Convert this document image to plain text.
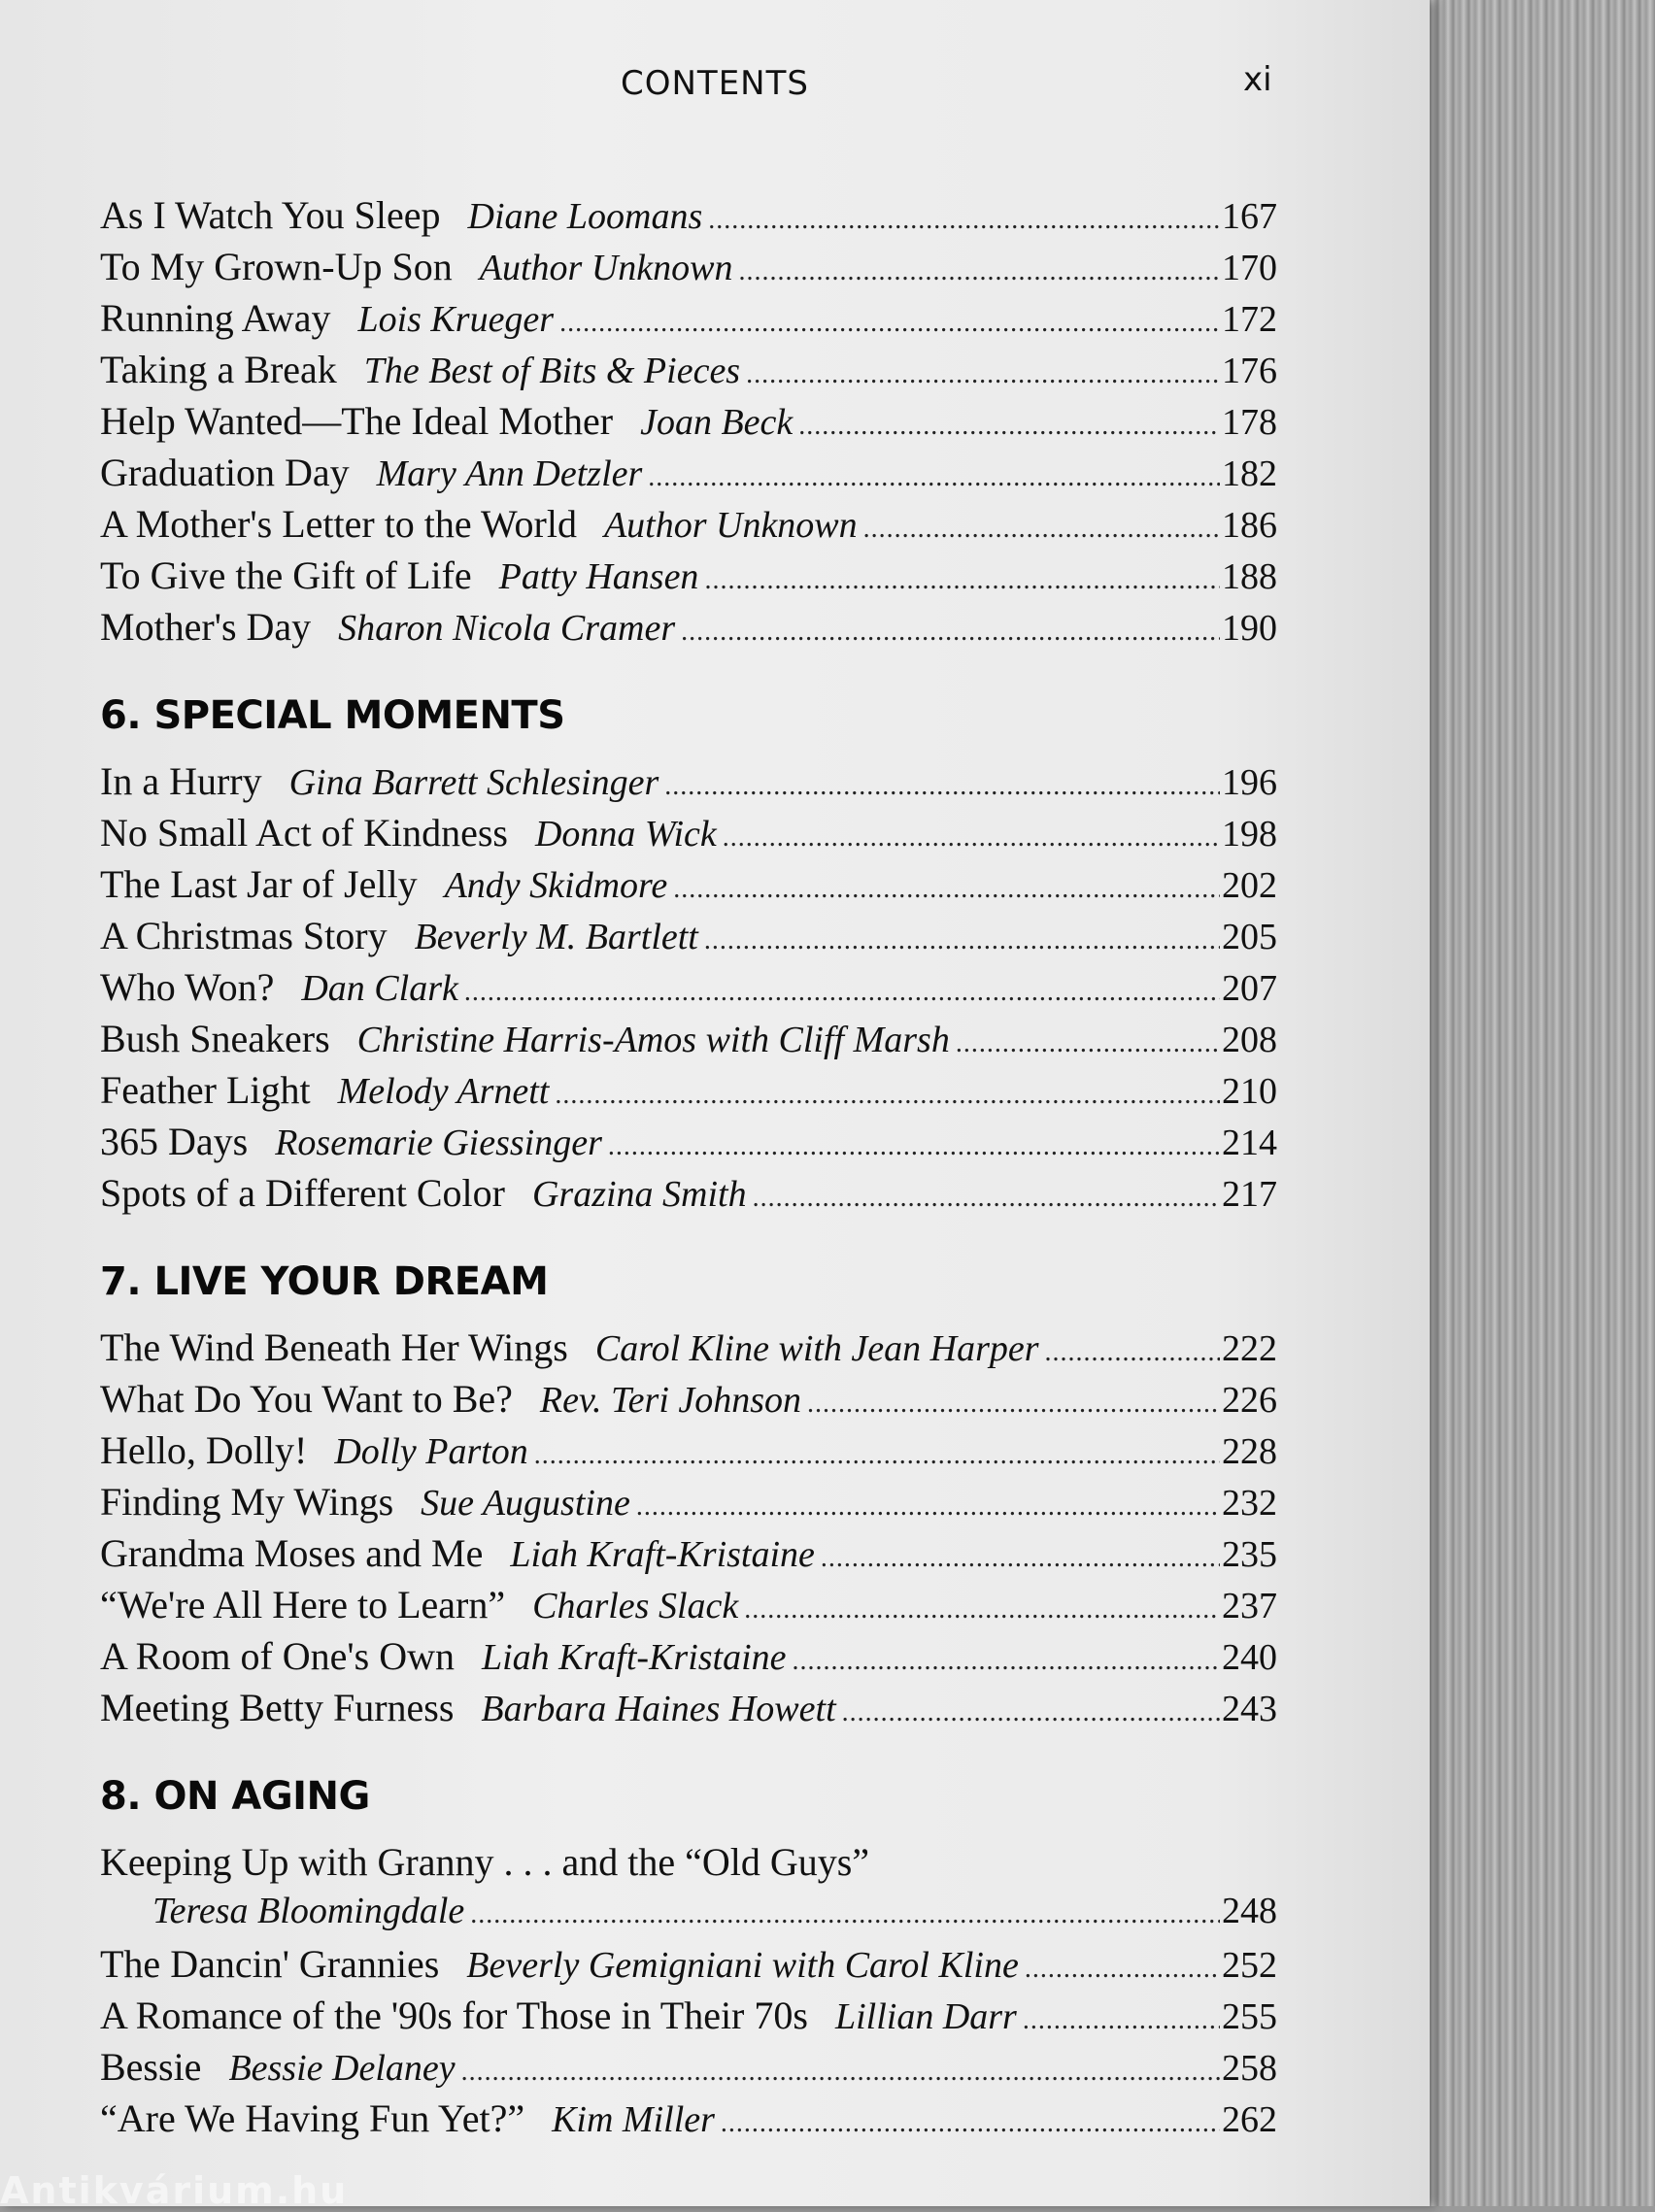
CONTENTS	xi
As I Watch You Sleep Diane Loomans .....	167
To My Grown-Up Son Author Unknown .....	170
Running Away Lois Krueger .....	172
Taking a Break The Best of Bits & Pieces .....	176
Help Wanted—The Ideal Mother Joan Beck .....	178
Graduation Day Mary Ann Detzler .....	182
A Mother's Letter to the World Author Unknown .....	186
To Give the Gift of Life Patty Hansen .....	188
Mother's Day Sharon Nicola Cramer .....	190
6. SPECIAL MOMENTS
In a Hurry Gina Barrett Schlesinger .....	196
No Small Act of Kindness Donna Wick .....	198
The Last Jar of Jelly Andy Skidmore .....	202
A Christmas Story Beverly M. Bartlett .....	205
Who Won? Dan Clark .....	207
Bush Sneakers Christine Harris-Amos with Cliff Marsh .....	208
Feather Light Melody Arnett .....	210
365 Days Rosemarie Giessinger .....	214
Spots of a Different Color Grazina Smith .....	217
7. LIVE YOUR DREAM
The Wind Beneath Her Wings Carol Kline with Jean Harper .....	222
What Do You Want to Be? Rev. Teri Johnson .....	226
Hello, Dolly! Dolly Parton .....	228
Finding My Wings Sue Augustine .....	232
Grandma Moses and Me Liah Kraft-Kristaine .....	235
“We're All Here to Learn” Charles Slack .....	237
A Room of One's Own Liah Kraft-Kristaine .....	240
Meeting Betty Furness Barbara Haines Howett .....	243
8. ON AGING
Keeping Up with Granny . . . and the “Old Guys”
Teresa Bloomingdale .....	248
The Dancin' Grannies Beverly Gemigniani with Carol Kline .....	252
A Romance of the '90s for Those in Their 70s Lillian Darr .....	255
Bessie Bessie Delaney .....	258
“Are We Having Fun Yet?” Kim Miller .....	262
Antikvárium.hu
